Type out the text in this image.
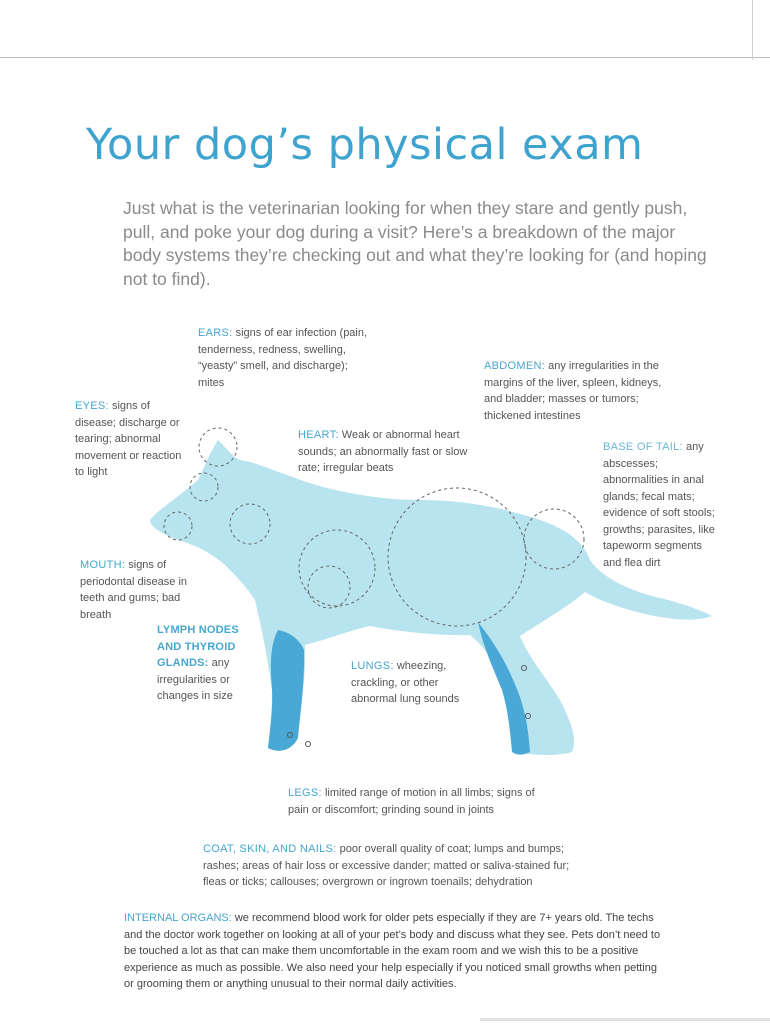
Your dog’s physical exam

Just what is the veterinarian looking for when they stare and gently push, pull, and poke your dog during a visit? Here’s a breakdown of the major body systems they’re checking out and what they’re looking for (and hoping not to find).

EARS: signs of ear infection (pain, tenderness, redness, swelling, “yeasty” smell, and discharge); mites

EYES: signs of disease; discharge or tearing; abnormal movement or reaction to light

HEART: Weak or abnormal heart sounds; an abnormally fast or slow rate; irregular beats

ABDOMEN: any irregularities in the margins of the liver, spleen, kidneys, and bladder; masses or tumors; thickened intestines

BASE OF TAIL: any abscesses; abnormalities in anal glands; fecal mats; evidence of soft stools; growths; parasites, like tapeworm segments and flea dirt

MOUTH: signs of periodontal disease in teeth and gums; bad breath

LYMPH NODES AND THYROID GLANDS: any irregularities or changes in size

LUNGS: wheezing, crackling, or other abnormal lung sounds

LEGS: limited range of motion in all limbs; signs of pain or discomfort; grinding sound in joints

COAT, SKIN, AND NAILS: poor overall quality of coat; lumps and bumps; rashes; areas of hair loss or excessive dander; matted or saliva-stained fur; fleas or ticks; callouses; overgrown or ingrown toenails; dehydration

INTERNAL ORGANS: we recommend blood work for older pets especially if they are 7+ years old. The techs and the doctor work together on looking at all of your pet’s body and discuss what they see. Pets don’t need to be touched a lot as that can make them uncomfortable in the exam room and we wish this to be a positive experience as much as possible. We also need your help especially if you noticed small growths when petting or grooming them or anything unusual to their normal daily activities.
